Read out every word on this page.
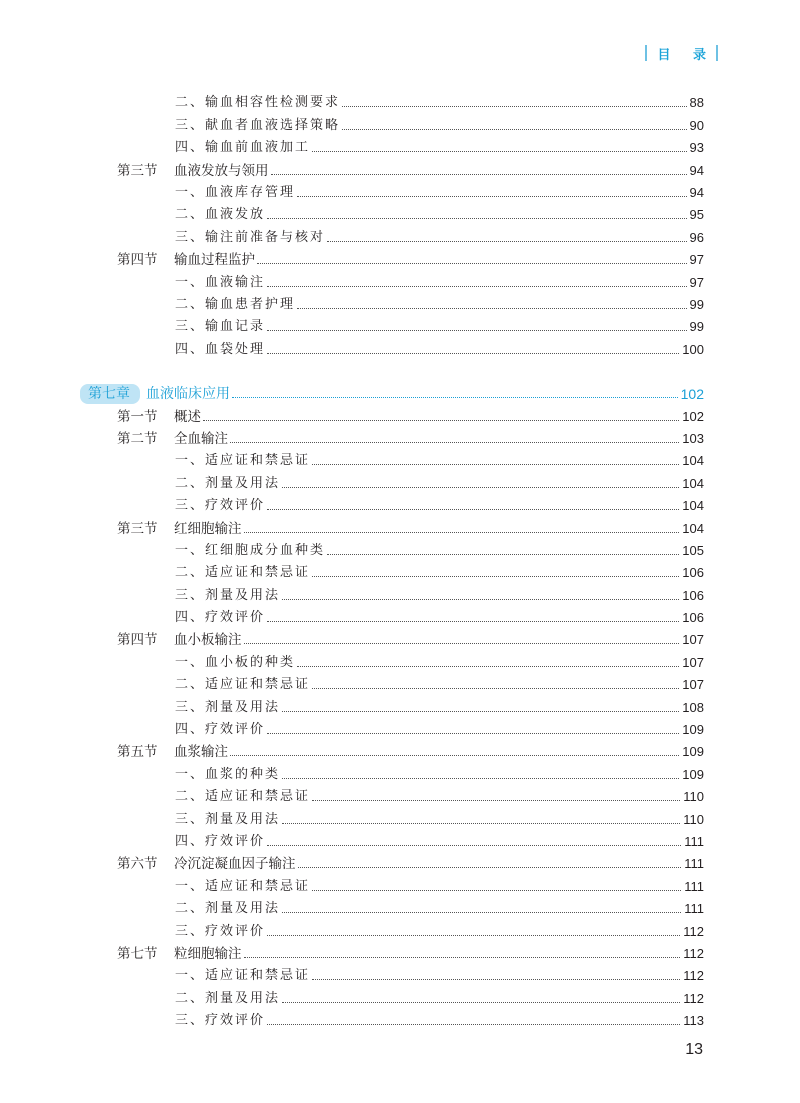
目 录
二、输血相容性检测要求	88
三、献血者血液选择策略	90
四、输血前血液加工	93
第三节 血液发放与领用	94
一、血液库存管理	94
二、血液发放	95
三、输注前准备与核对	96
第四节 输血过程监护	97
一、血液输注	97
二、输血患者护理	99
三、输血记录	99
四、血袋处理	100
第七章 血液临床应用	102
第一节 概述	102
第二节 全血输注	103
一、适应证和禁忌证	104
二、剂量及用法	104
三、疗效评价	104
第三节 红细胞输注	104
一、红细胞成分血种类	105
二、适应证和禁忌证	106
三、剂量及用法	106
四、疗效评价	106
第四节 血小板输注	107
一、血小板的种类	107
二、适应证和禁忌证	107
三、剂量及用法	108
四、疗效评价	109
第五节 血浆输注	109
一、血浆的种类	109
二、适应证和禁忌证	110
三、剂量及用法	110
四、疗效评价	111
第六节 冷沉淀凝血因子输注	111
一、适应证和禁忌证	111
二、剂量及用法	111
三、疗效评价	112
第七节 粒细胞输注	112
一、适应证和禁忌证	112
二、剂量及用法	112
三、疗效评价	113
13
